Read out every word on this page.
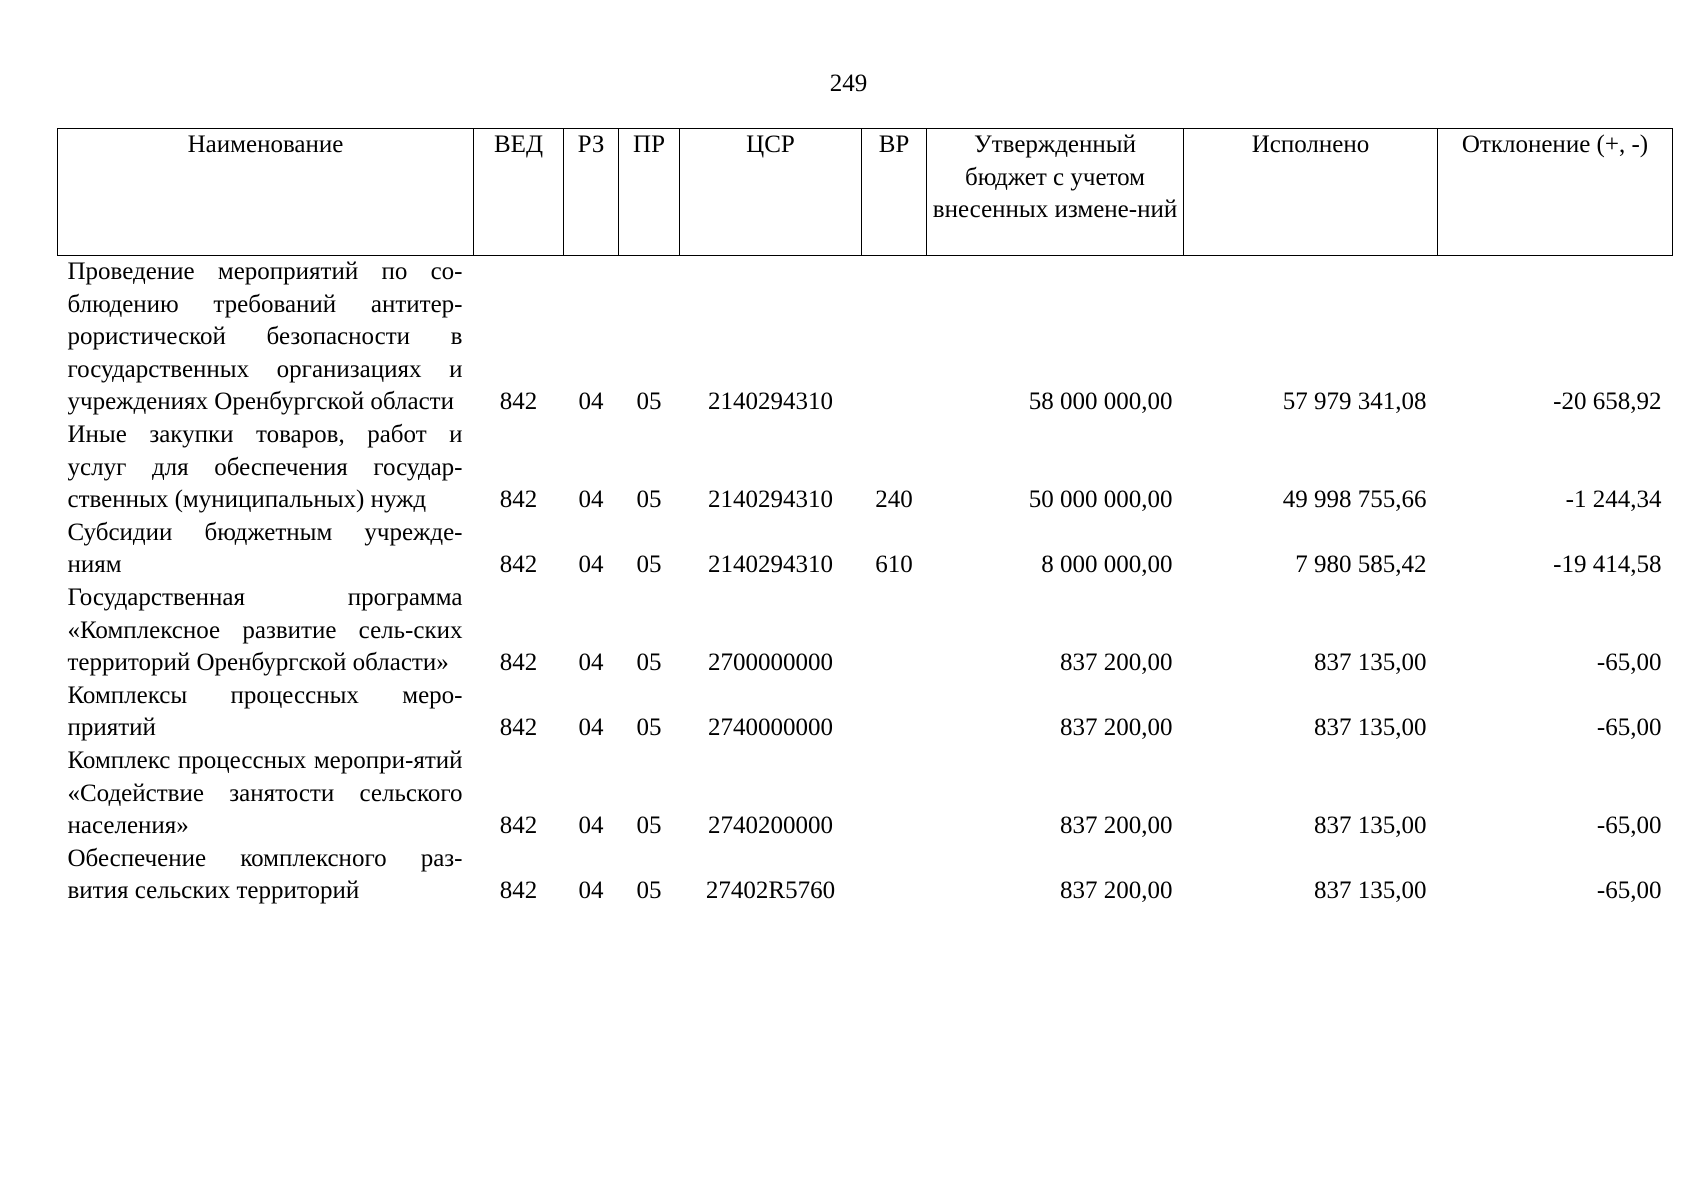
249
Наименование	ВЕД	РЗ	ПР	ЦСР	ВР	Утвержденный бюджет с учетом внесенных измене-ний	Исполнено	Отклонение (+, -)
Проведение мероприятий по со-блюдению требований антитер-рористической безопасности в государственных организациях и учреждениях Оренбургской области	842	04	05	2140294310		58 000 000,00	57 979 341,08	-20 658,92
Иные закупки товаров, работ и услуг для обеспечения государ-ственных (муниципальных) нужд	842	04	05	2140294310	240	50 000 000,00	49 998 755,66	-1 244,34
Субсидии бюджетным учрежде-ниям	842	04	05	2140294310	610	8 000 000,00	7 980 585,42	-19 414,58
Государственная программа «Комплексное развитие сель-ских территорий Оренбургской области»	842	04	05	2700000000		837 200,00	837 135,00	-65,00
Комплексы процессных меро-приятий	842	04	05	2740000000		837 200,00	837 135,00	-65,00
Комплекс процессных меропри-ятий «Содействие занятости сельского населения»	842	04	05	2740200000		837 200,00	837 135,00	-65,00
Обеспечение комплексного раз-вития сельских территорий	842	04	05	27402R5760		837 200,00	837 135,00	-65,00
